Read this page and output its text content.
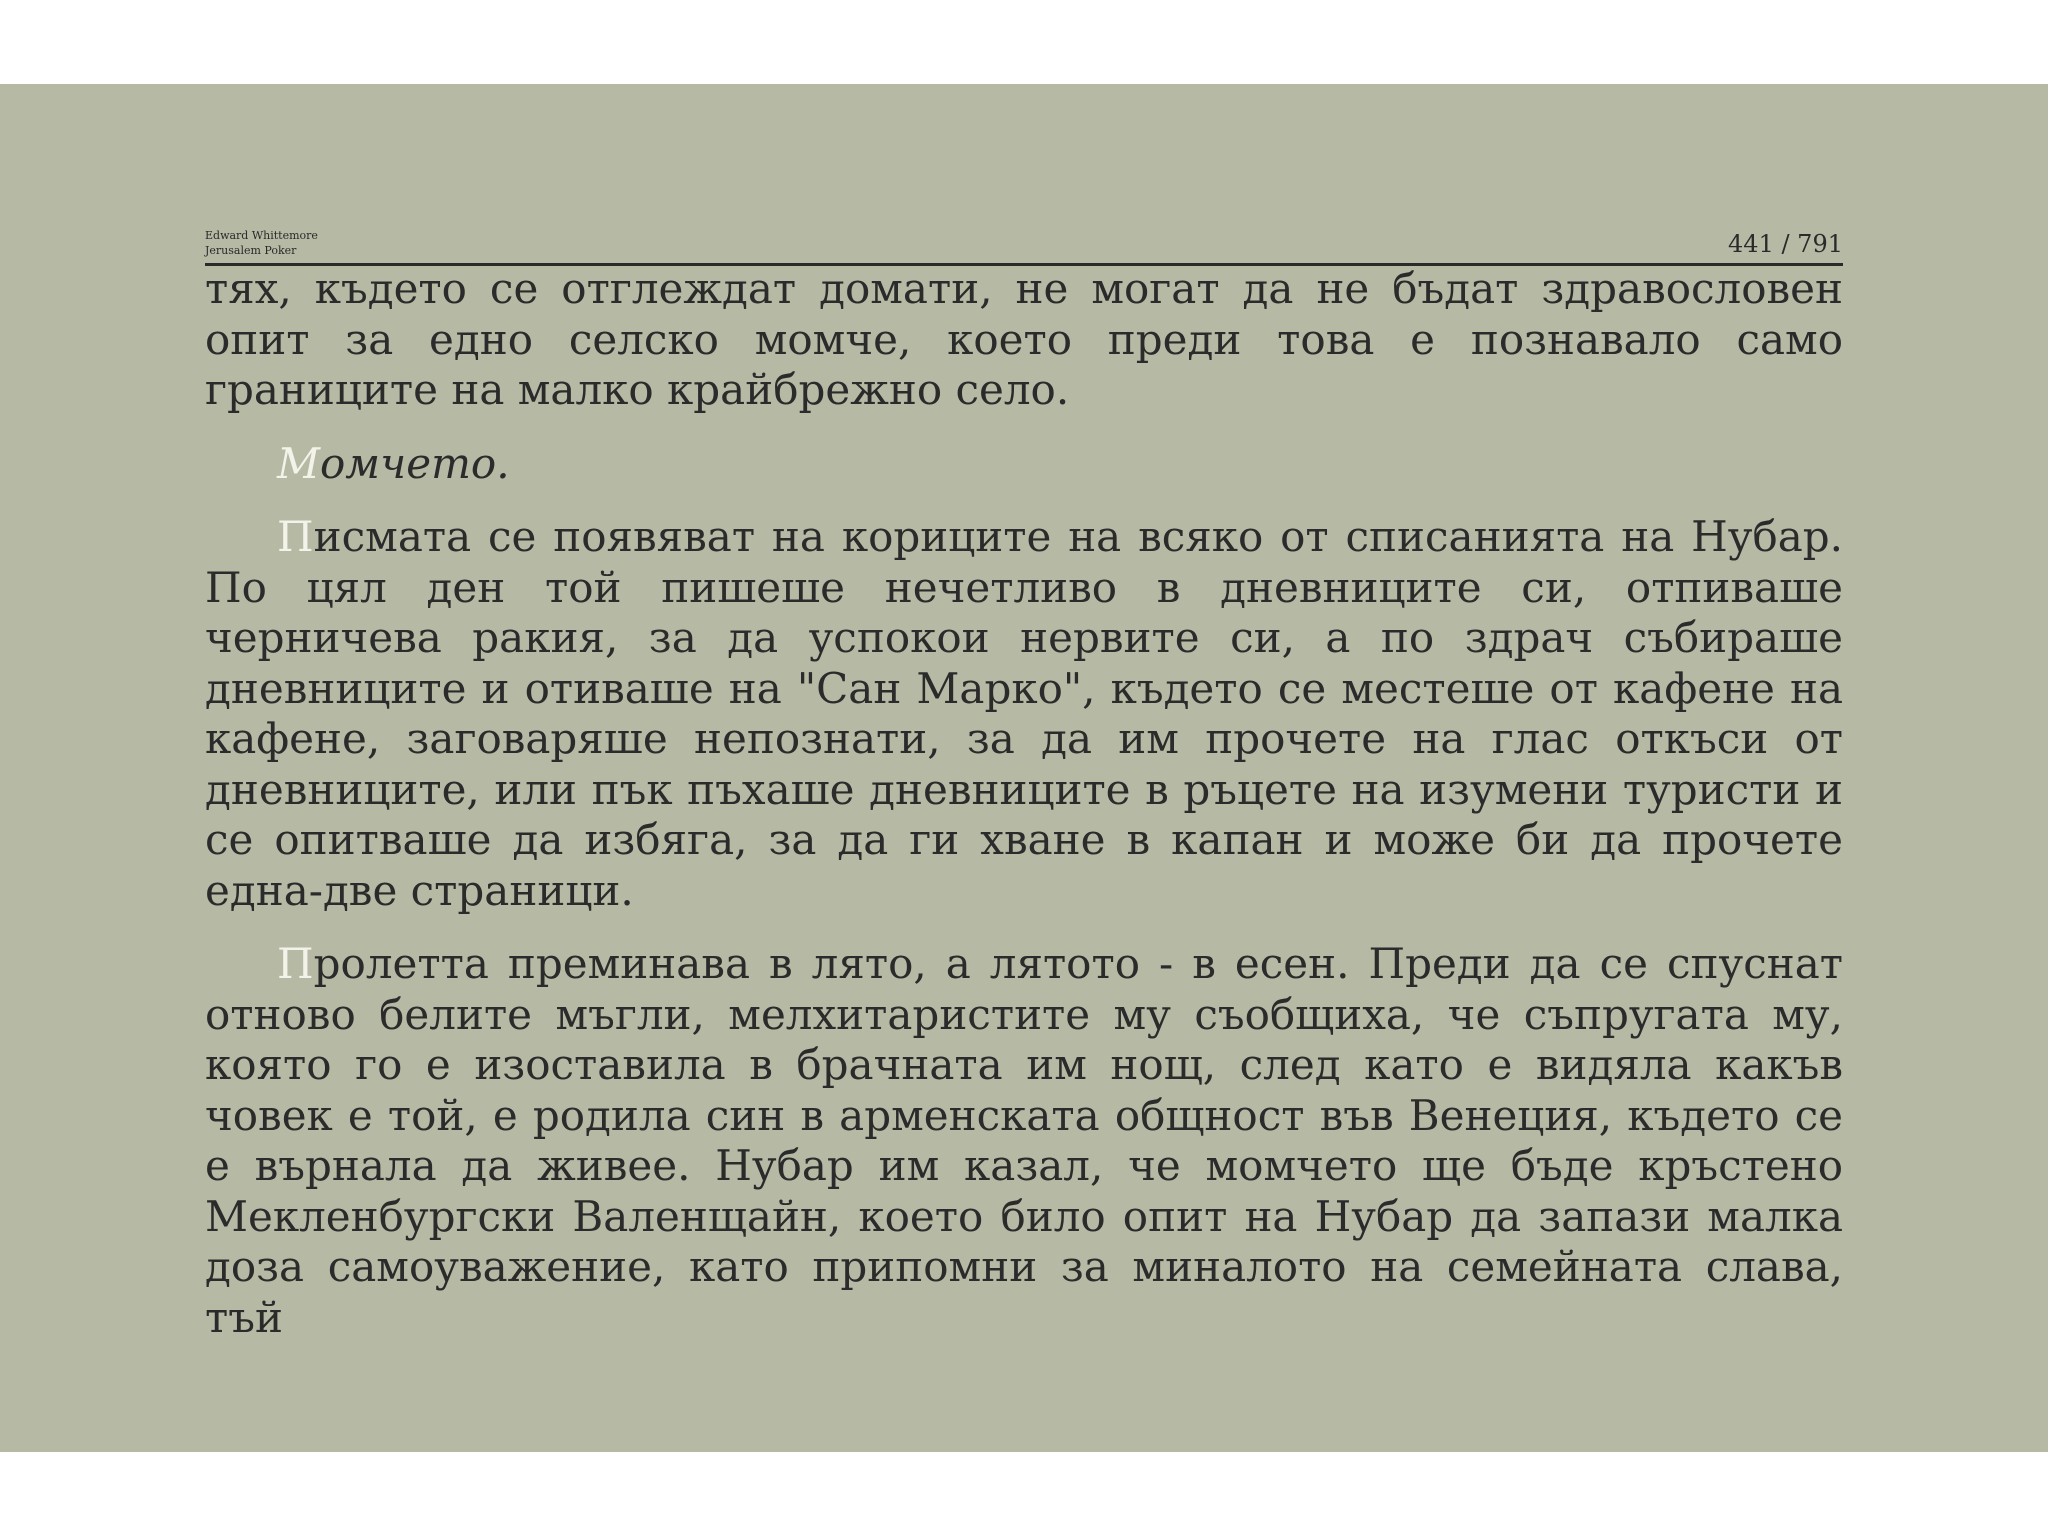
Edward Whittemore
Jerusalem Poker	441 / 791

тях, където се отглеждат домати, не могат да не бъдат здравословен опит за едно селско момче, което преди това е познавало само границите на малко крайбрежно село.

Момчето.

Писмата се появяват на кориците на всяко от списанията на Нубар. По цял ден той пишеше нечетливо в дневниците си, отпиваше черничева ракия, за да успокои нервите си, а по здрач събираше дневниците и отиваше на "Сан Марко", където се местеше от кафене на кафене, заговаряше непознати, за да им прочете на глас откъси от дневниците, или пък пъхаше дневниците в ръцете на изумени туристи и се опитваше да избяга, за да ги хване в капан и може би да прочете една-две страници.

Пролетта преминава в лято, а лятото - в есен. Преди да се спуснат отново белите мъгли, мелхитаристите му съобщиха, че съпругата му, която го е изоставила в брачната им нощ, след като е видяла какъв човек е той, е родила син в арменската общност във Венеция, където се е върнала да живее. Нубар им казал, че момчето ще бъде кръстено Мекленбургски Валенщайн, което било опит на Нубар да запази малка доза самоуважение, като припомни за миналото на семейната слава, тъй
